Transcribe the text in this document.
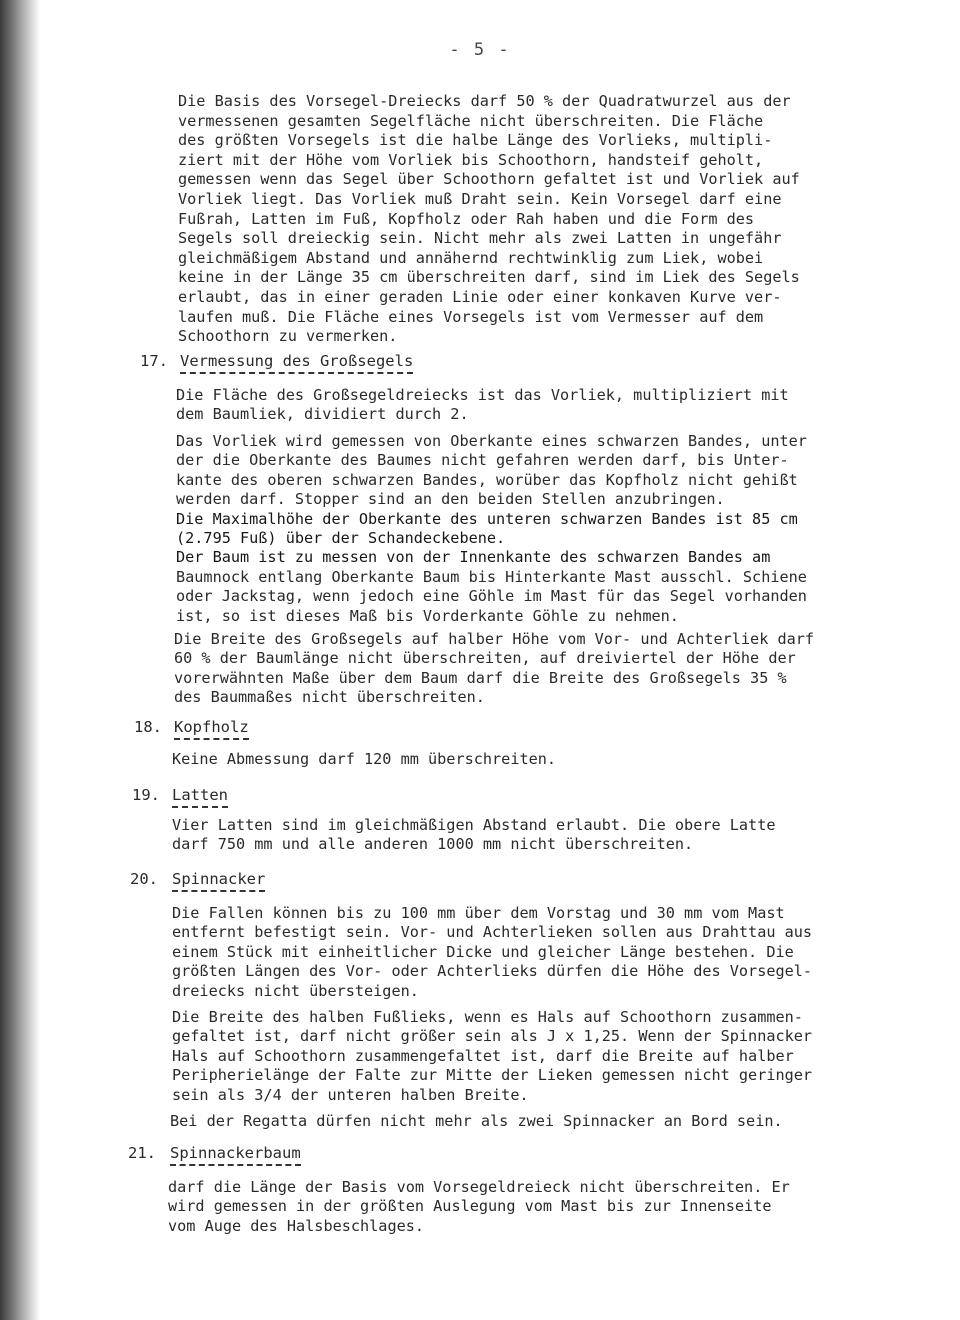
- 5 -
Die Basis des Vorsegel-Dreiecks darf 50 % der Quadratwurzel aus der
vermessenen gesamten Segelfläche nicht überschreiten. Die Fläche
des größten Vorsegels ist die halbe Länge des Vorlieks, multipli-
ziert mit der Höhe vom Vorliek bis Schoothorn, handsteif geholt,
gemessen wenn das Segel über Schoothorn gefaltet ist und Vorliek auf
Vorliek liegt. Das Vorliek muß Draht sein. Kein Vorsegel darf eine
Fußrah, Latten im Fuß, Kopfholz oder Rah haben und die Form des
Segels soll dreieckig sein. Nicht mehr als zwei Latten in ungefähr
gleichmäßigem Abstand und annähernd rechtwinklig zum Liek, wobei
keine in der Länge 35 cm überschreiten darf, sind im Liek des Segels
erlaubt, das in einer geraden Linie oder einer konkaven Kurve ver-
laufen muß. Die Fläche eines Vorsegels ist vom Vermesser auf dem
Schoothorn zu vermerken.
17. Vermessung des Großsegels
Die Fläche des Großsegeldreiecks ist das Vorliek, multipliziert mit
dem Baumliek, dividiert durch 2.
Das Vorliek wird gemessen von Oberkante eines schwarzen Bandes, unter
der die Oberkante des Baumes nicht gefahren werden darf, bis Unter-
kante des oberen schwarzen Bandes, worüber das Kopfholz nicht gehißt
werden darf. Stopper sind an den beiden Stellen anzubringen.
Die Maximalhöhe der Oberkante des unteren schwarzen Bandes ist 85 cm
(2.795 Fuß) über der Schandeckebene.
Der Baum ist zu messen von der Innenkante des schwarzen Bandes am
Baumnock entlang Oberkante Baum bis Hinterkante Mast ausschl. Schiene
oder Jackstag, wenn jedoch eine Göhle im Mast für das Segel vorhanden
ist, so ist dieses Maß bis Vorderkante Göhle zu nehmen.
Die Breite des Großsegels auf halber Höhe vom Vor- und Achterliek darf
60 % der Baumlänge nicht überschreiten, auf dreiviertel der Höhe der
vorerwähnten Maße über dem Baum darf die Breite des Großsegels 35 %
des Baummaßes nicht überschreiten.
18. Kopfholz
Keine Abmessung darf 120 mm überschreiten.
19. Latten
Vier Latten sind im gleichmäßigen Abstand erlaubt. Die obere Latte
darf 750 mm und alle anderen 1000 mm nicht überschreiten.
20. Spinnacker
Die Fallen können bis zu 100 mm über dem Vorstag und 30 mm vom Mast
entfernt befestigt sein. Vor- und Achterlieken sollen aus Drahttau aus
einem Stück mit einheitlicher Dicke und gleicher Länge bestehen. Die
größten Längen des Vor- oder Achterlieks dürfen die Höhe des Vorsegel-
dreiecks nicht übersteigen.
Die Breite des halben Fußlieks, wenn es Hals auf Schoothorn zusammen-
gefaltet ist, darf nicht größer sein als J x 1,25. Wenn der Spinnacker
Hals auf Schoothorn zusammengefaltet ist, darf die Breite auf halber
Peripherielänge der Falte zur Mitte der Lieken gemessen nicht geringer
sein als 3/4 der unteren halben Breite.
Bei der Regatta dürfen nicht mehr als zwei Spinnacker an Bord sein.
21. Spinnackerbaum
darf die Länge der Basis vom Vorsegeldreieck nicht überschreiten. Er
wird gemessen in der größten Auslegung vom Mast bis zur Innenseite
vom Auge des Halsbeschlages.
